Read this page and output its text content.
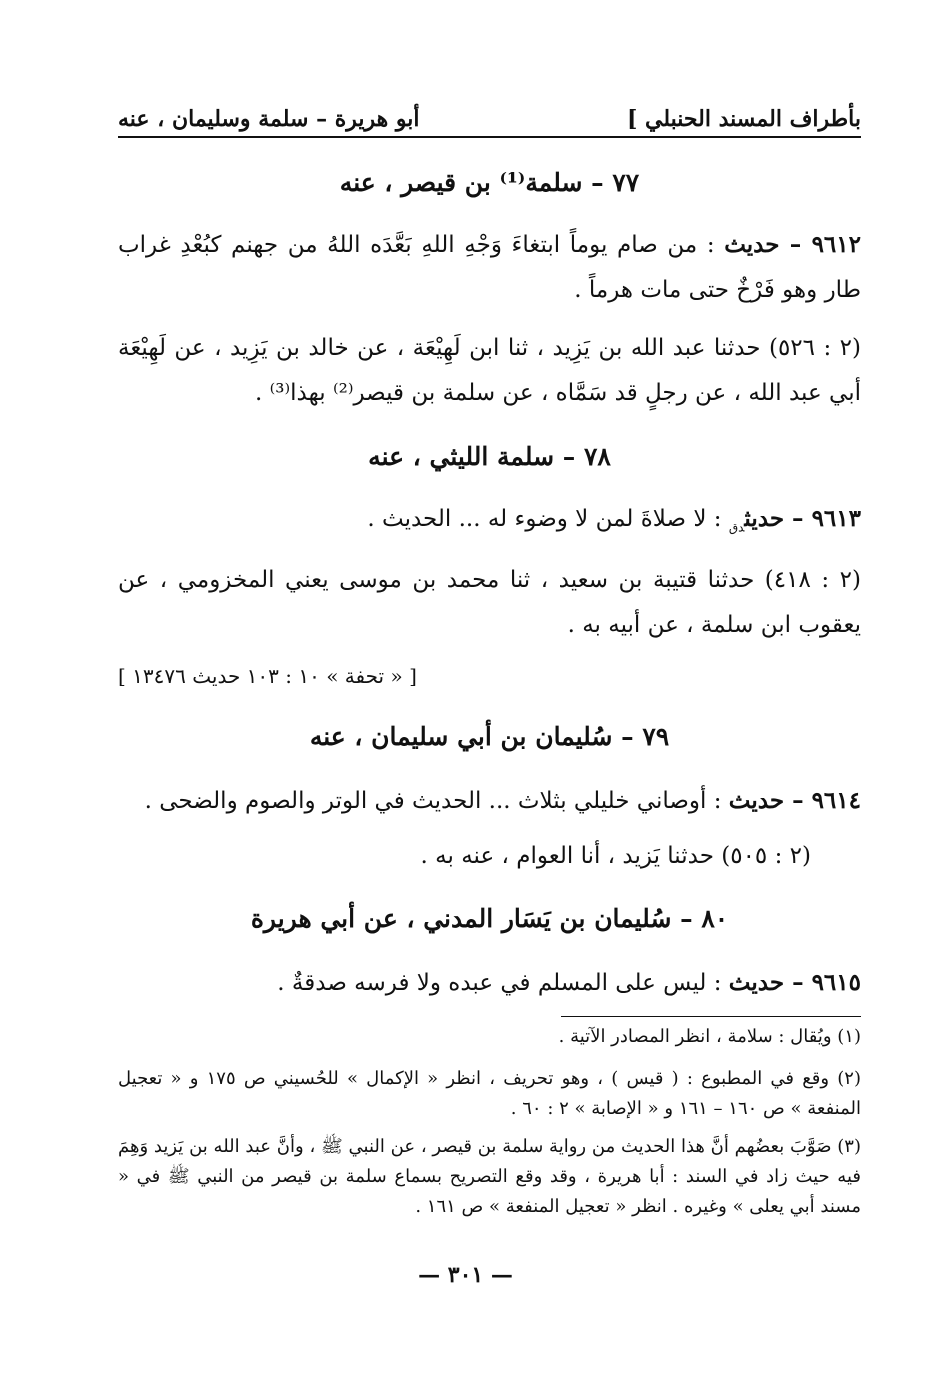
بأطراف المسند الحنبلي ]
أبو هريرة – سلمة وسليمان ، عنه
٧٧ – سلمة⁽¹⁾ بن قيصر ، عنه
٩٦١٢ – حديث : من صام يوماً ابتغاءَ وَجْهِ اللهِ بَعَّدَه اللهُ من جهنم كبُعْدِ غراب طار وهو فَرْخٌ حتى مات هرماً .
(٢ : ٥٢٦) حدثنا عبد الله بن يَزِيد ، ثنا ابن لَهِيْعَة ، عن خالد بن يَزِيد ، عن لَهِيْعَة أبي عبد الله ، عن رجلٍ قد سَمَّاه ، عن سلمة بن قيصر⁽²⁾ بهذا⁽³⁾ .
٧٨ – سلمة الليثي ، عنه
٩٦١٣ – حديث$_{دق}$ : لا صلاةَ لمن لا وضوء له ... الحديث .
(٢ : ٤١٨) حدثنا قتيبة بن سعيد ، ثنا محمد بن موسى يعني المخزومي ، عن يعقوب ابن سلمة ، عن أبيه به .
[ « تحفة » ١٠ : ١٠٣ حديث ١٣٤٧٦ ]
٧٩ – سُليمان بن أبي سليمان ، عنه
٩٦١٤ – حديث : أوصاني خليلي بثلاث ... الحديث في الوتر والصوم والضحى .
(٢ : ٥٠٥) حدثنا يَزيد ، أنا العوام ، عنه به .
٨٠ – سُليمان بن يَسَار المدني ، عن أبي هريرة
٩٦١٥ – حديث : ليس على المسلم في عبده ولا فرسه صدقةٌ .
(١) ويُقال : سلامة ، انظر المصادر الآتية .
(٢) وقع في المطبوع : ( قيس ) ، وهو تحريف ، انظر « الإكمال » للحُسيني ص ١٧٥ و « تعجيل المنفعة » ص ١٦٠ – ١٦١ و « الإصابة » ٢ : ٦٠ .
(٣) صَوَّبَ بعضُهم أنَّ هذا الحديث من رواية سلمة بن قيصر ، عن النبي ﷺ ، وأنَّ عبد الله بن يَزيد وَهِمَ فيه حيث زاد في السند : أبا هريرة ، وقد وقع التصريح بسماع سلمة بن قيصر من النبي ﷺ في « مسند أبي يعلى » وغيره . انظر « تعجيل المنفعة » ص ١٦١ .
— ٣٠١ —
